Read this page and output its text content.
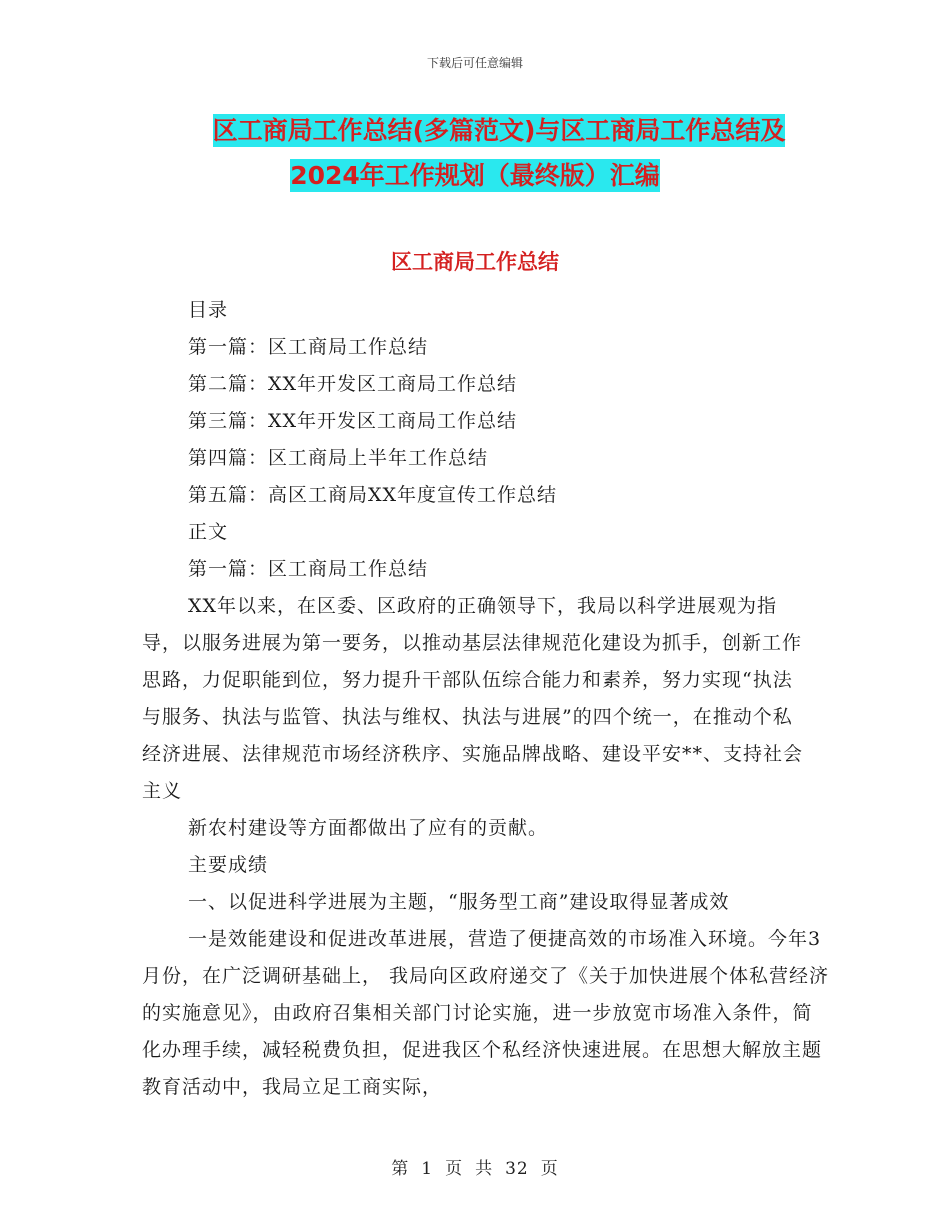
下载后可任意编辑
区工商局工作总结(多篇范文)与区工商局工作总结及
2024年工作规划（最终版）汇编
区工商局工作总结

目录

第一篇：区工商局工作总结

第二篇：XX年开发区工商局工作总结

第三篇：XX年开发区工商局工作总结

第四篇：区工商局上半年工作总结

第五篇：高区工商局XX年度宣传工作总结

正文

第一篇：区工商局工作总结

XX年以来，在区委、区政府的正确领导下，我局以科学进展观为指导，以服务进展为第一要务，以推动基层法律规范化建设为抓手，创新工作思路，力促职能到位，努力提升干部队伍综合能力和素养，努力实现“执法与服务、执法与监管、执法与维权、执法与进展”的四个统一，在推动个私经济进展、法律规范市场经济秩序、实施品牌战略、建设平安**、支持社会主义

新农村建设等方面都做出了应有的贡献。

主要成绩

一、以促进科学进展为主题，“服务型工商”建设取得显著成效

一是效能建设和促进改革进展，营造了便捷高效的市场准入环境。今年3月份，在广泛调研基础上， 我局向区政府递交了《关于加快进展个体私营经济的实施意见》，由政府召集相关部门讨论实施，进一步放宽市场准入条件，简化办理手续，减轻税费负担，促进我区个私经济快速进展。在思想大解放主题教育活动中，我局立足工商实际，

第 1 页 共 32 页
